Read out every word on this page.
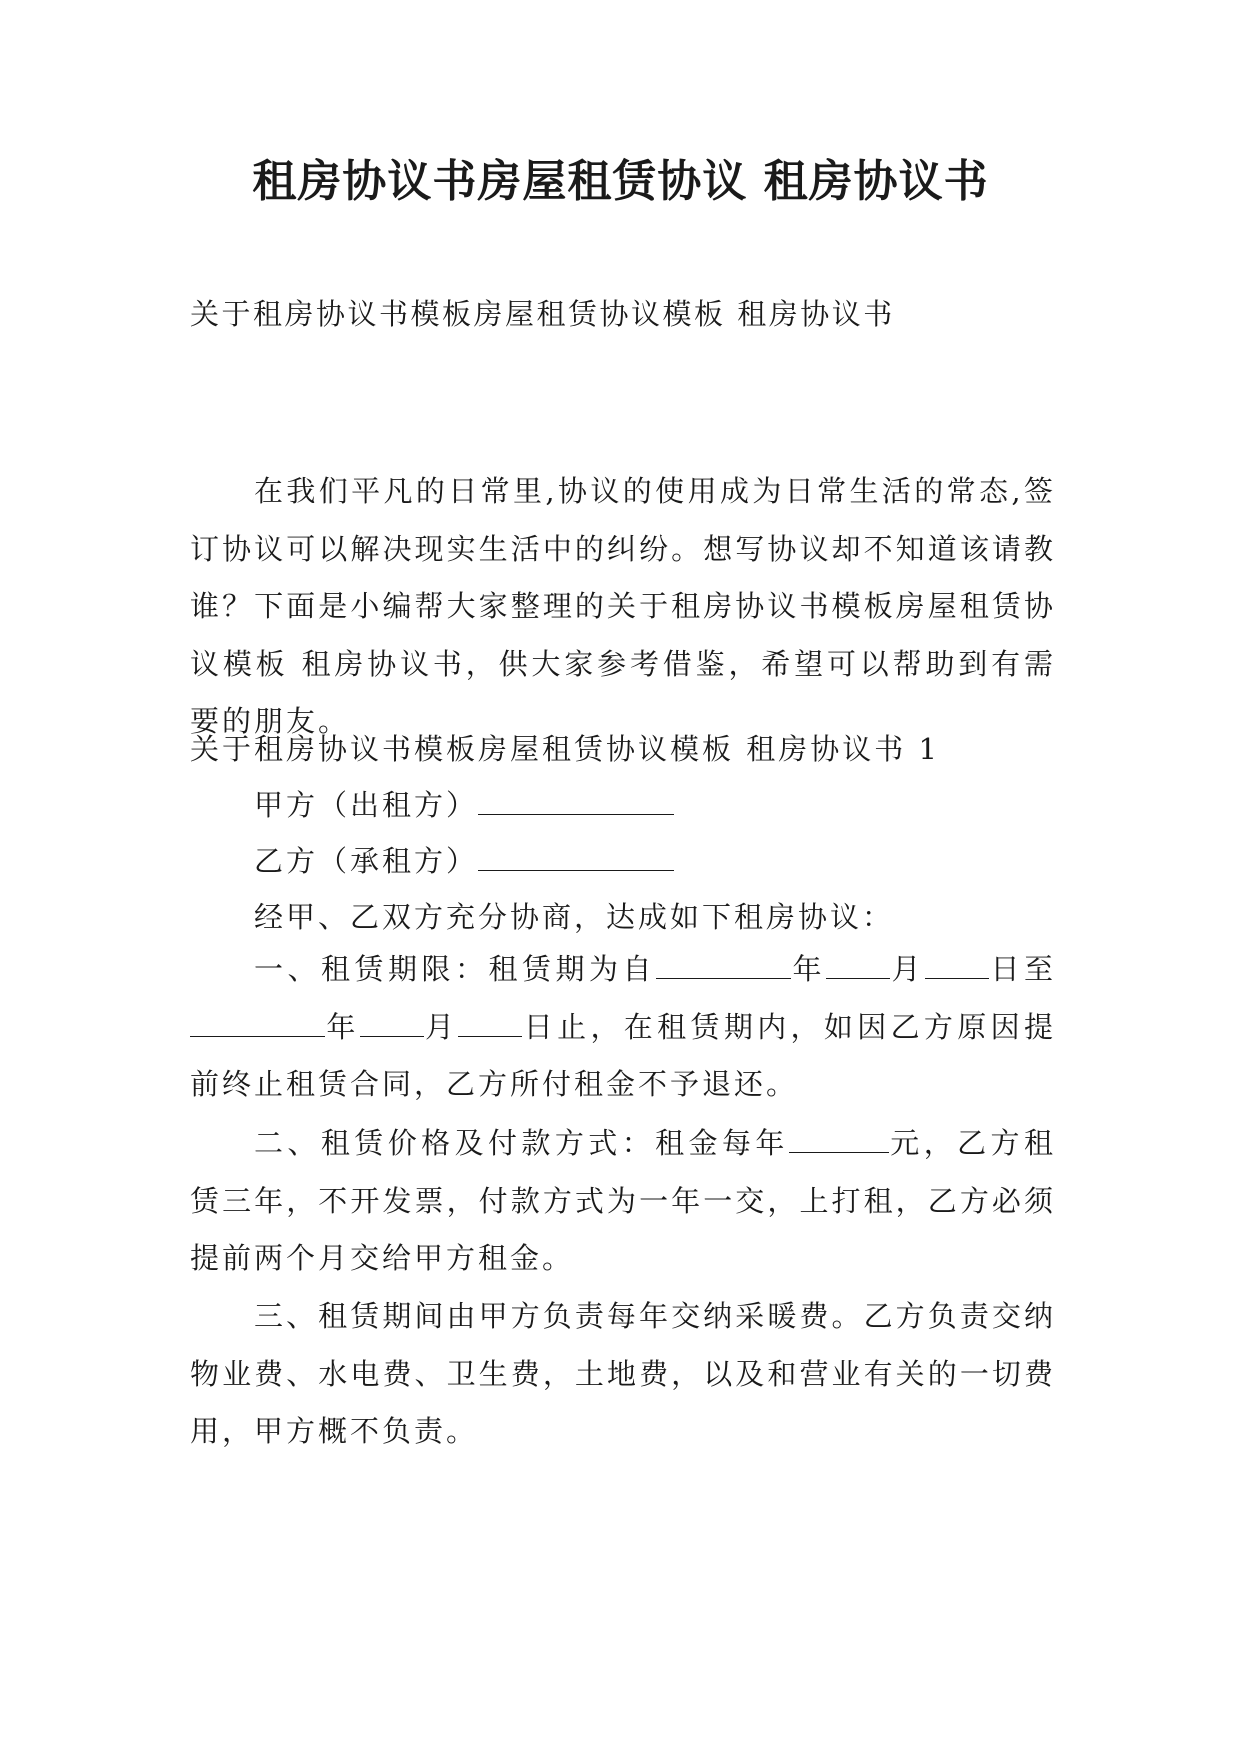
租房协议书房屋租赁协议 租房协议书
关于租房协议书模板房屋租赁协议模板 租房协议书

在我们平凡的日常里,协议的使用成为日常生活的常态,签订协议可以解决现实生活中的纠纷。想写协议却不知道该请教谁？下面是小编帮大家整理的关于租房协议书模板房屋租赁协议模板 租房协议书，供大家参考借鉴，希望可以帮助到有需要的朋友。

关于租房协议书模板房屋租赁协议模板 租房协议书 1
甲方（出租方）
乙方（承租方）
经甲、乙双方充分协商，达成如下租房协议：

一、租赁期限：租赁期为自	年 月 日至年 月 日止，在租赁期内，如因乙方原因提前终止租赁合同，乙方所付租金不予退还。

二、租赁价格及付款方式：租金每年	元，乙方租赁三年，不开发票，付款方式为一年一交，上打租，乙方必须提前两个月交给甲方租金。

三、租赁期间由甲方负责每年交纳采暖费。乙方负责交纳物业费、水电费、卫生费，土地费，以及和营业有关的一切费用，甲方概不负责。
